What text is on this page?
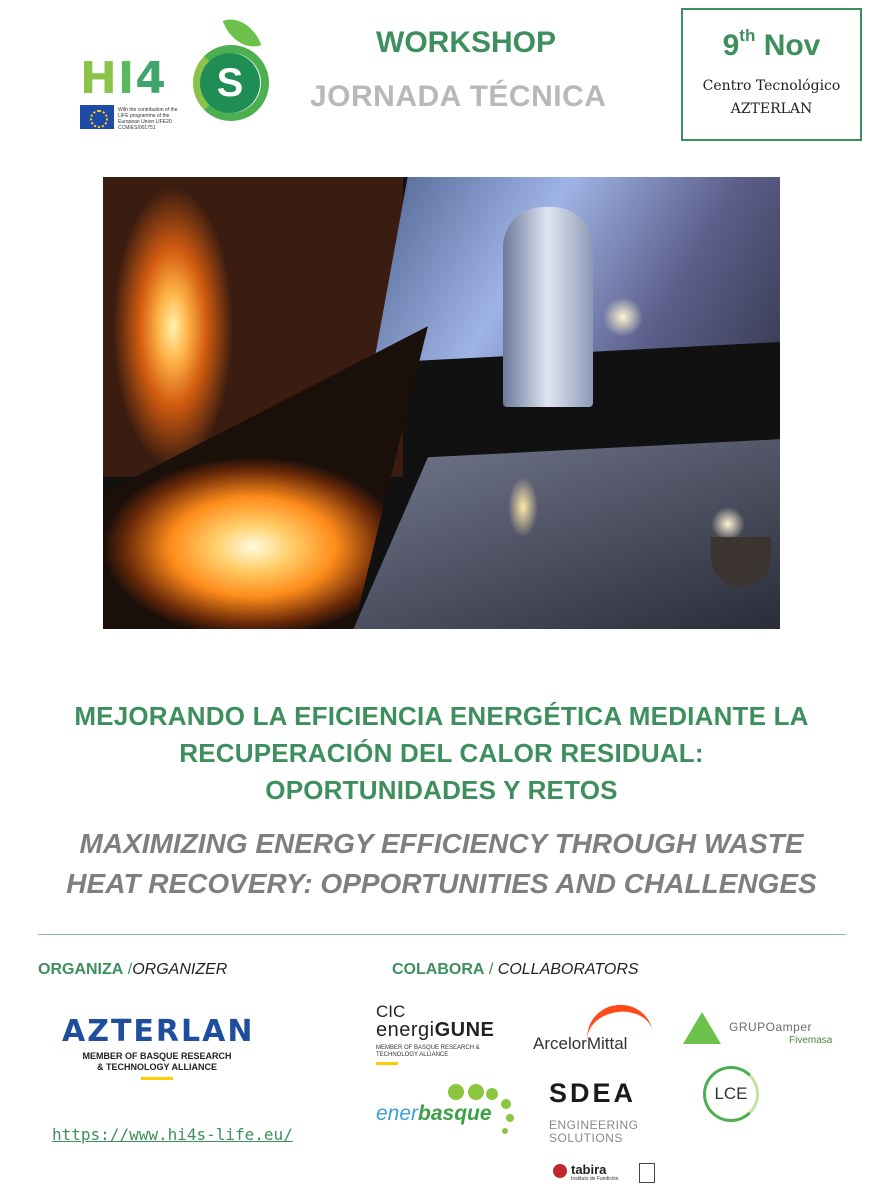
HI4	S
With the contribution of the LIFE programme of the European Union LIFE20 CCM/ES/001751
WORKSHOP
JORNADA TÉCNICA
9th Nov
Centro Tecnológico
AZTERLAN
MEJORANDO LA EFICIENCIA ENERGÉTICA MEDIANTE LA
RECUPERACIÓN DEL CALOR RESIDUAL:
OPORTUNIDADES Y RETOS
MAXIMIZING ENERGY EFFICIENCY THROUGH WASTE
HEAT RECOVERY: OPPORTUNITIES AND CHALLENGES
ORGANIZA /ORGANIZER
AZTERLAN
MEMBER OF BASQUE RESEARCH
& TECHNOLOGY ALLIANCE
https://www.hi4s-life.eu/
COLABORA / COLLABORATORS
CIC
energiGUNE
MEMBER OF BASQUE RESEARCH & TECHNOLOGY ALLIANCE
ArcelorMittal
GRUPOamper
Fivemasa
enerbasque
SDEA
ENGINEERING
SOLUTIONS
LCE
tabira
Instituto de Fundición
